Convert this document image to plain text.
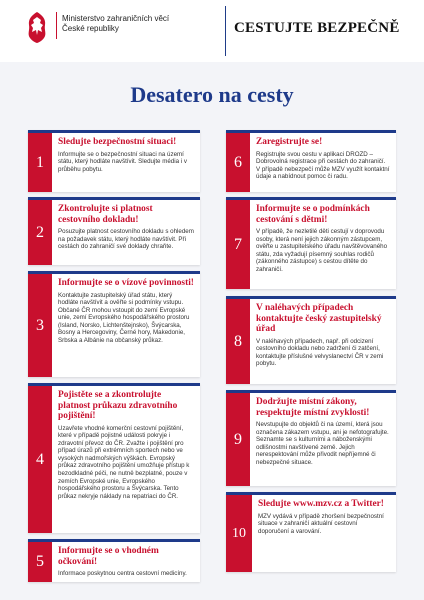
Ministerstvo zahraničních věcí
České republiky	CESTUJTE BEZPEČNĚ
Desatero na cesty
1

Sledujte bezpečnostní situaci!

Informujte se o bezpečnostní situaci na území státu, který hodláte navštívit. Sledujte média i v průběhu pobytu.

2

Zkontrolujte si platnost cestovního dokladu!

Posuzujte platnost cestovního dokladu s ohledem na požadavek státu, který hodláte navštívit. Při cestách do zahraničí své doklady chraňte.

3

Informujte se o vízové povinnosti!

Kontaktujte zastupitelský úřad státu, který hodláte navštívit a ověřte si podmínky vstupu. Občané ČR mohou vstoupit do zemí Evropské unie, zemí Evropského hospodářského prostoru (Island, Norsko, Lichtenštejnsko), Švýcarska, Bosny a Hercegoviny, Černé hory, Makedonie, Srbska a Albánie na občanský průkaz.

4

Pojistěte se a zkontrolujte platnost průkazu zdravotního pojištění!

Uzavřete vhodné komerční cestovní pojištění, které v případě pojistné události pokryje i zdravotní převoz do ČR. Zvažte i pojištění pro případ úrazů při extrémních sportech nebo ve vysokých nadmořských výškách. Evropský průkaz zdravotního pojištění umožňuje přístup k bezodkladné péči, ne nutně bezplatné, pouze v zemích Evropské unie, Evropského hospodářského prostoru a Švýcarska. Tento průkaz nekryje náklady na repatriaci do ČR.

5

Informujte se o vhodném očkování!

Informace poskytnou centra cestovní medicíny.

6

Zaregistrujte se!

Registrujte svou cestu v aplikaci DROZD – Dobrovolná registrace při cestách do zahraničí. V případě nebezpečí může MZV využít kontaktní údaje a nabídnout pomoc či radu.

7

Informujte se o podmínkách cestování s dětmi!

V případě, že nezletilé děti cestují v doprovodu osoby, která není jejich zákonným zástupcem, ověřte u zastupitelského úřadu navštěvovaného státu, zda vyžadují písemný souhlas rodičů (zákonného zástupce) s cestou dítěte do zahraničí.

8

V naléhavých případech kontaktujte český zastupitelský úřad

V naléhavých případech, např. při odcizení cestovního dokladu nebo zadržení či zatčení, kontaktujte příslušné velvyslanectví ČR v zemi pobytu.

9

Dodržujte místní zákony, respektujte místní zvyklosti!

Nevstupujte do objektů či na území, která jsou označena zákazem vstupu, ani je nefotografujte. Seznamte se s kulturními a náboženskými odlišnostmi navštívené země. Jejich nerespektování může přivodit nepříjemné či nebezpečné situace.

10

Sledujte www.mzv.cz a Twitter!

MZV vydává v případě zhoršení bezpečnostní situace v zahraničí aktuální cestovní doporučení a varování.
